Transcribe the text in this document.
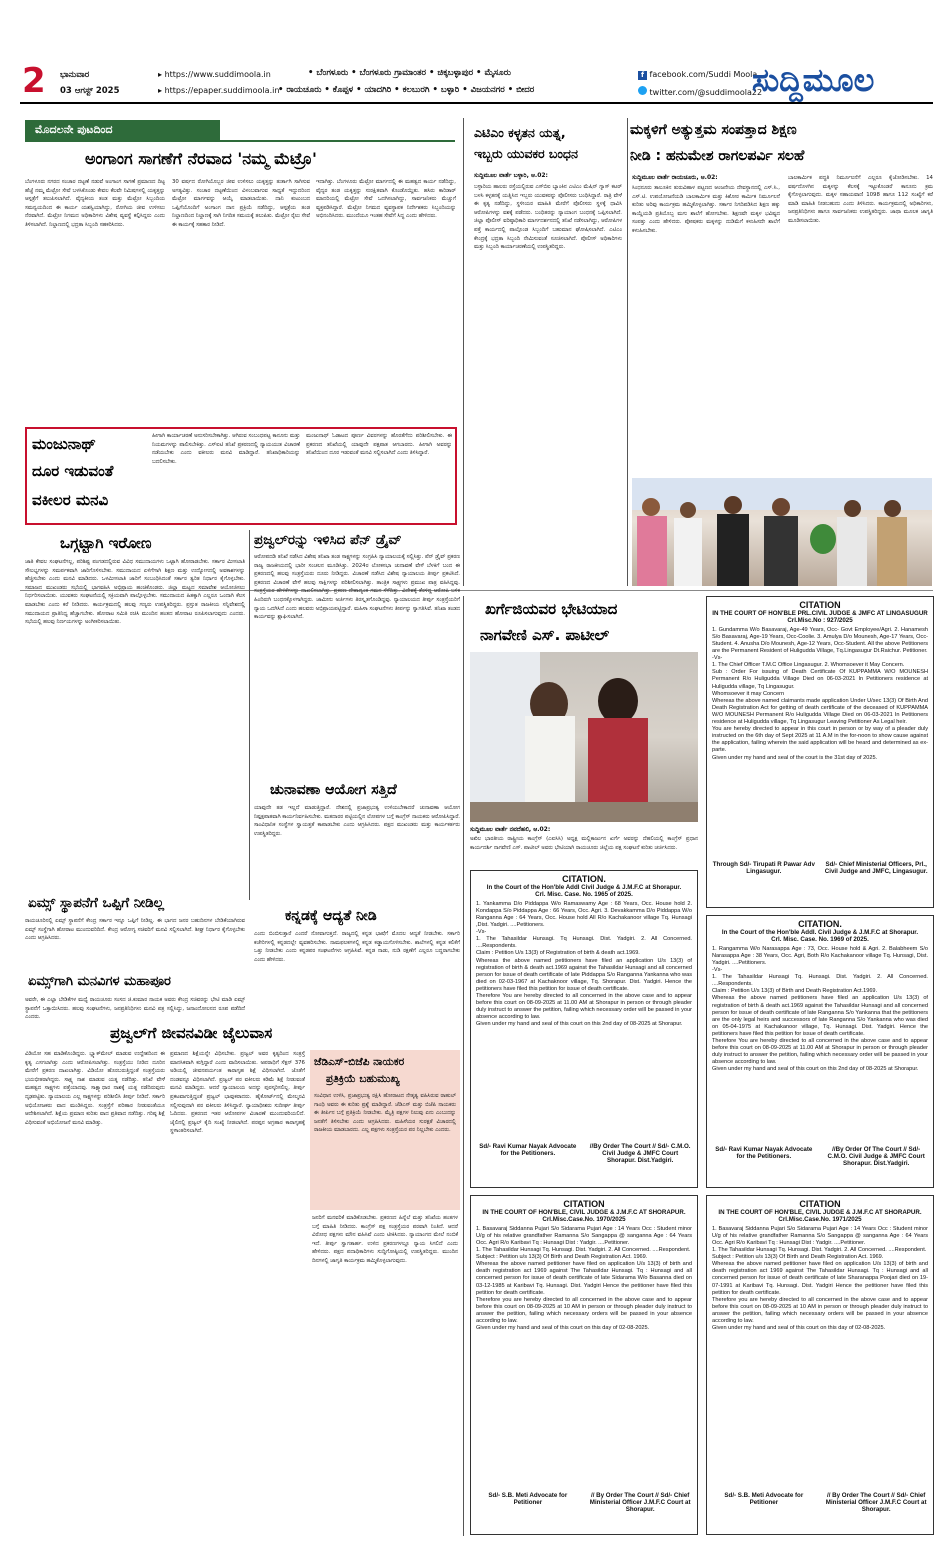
2 ಭಾನುವಾರ
03 ಆಗಸ್ಟ್ 2025
▸ https://www.suddimoola.in
▸ https://epaper.suddimoola.in
• ಬೆಂಗಳೂರು • ಬೆಂಗಳೂರು ಗ್ರಾಮಾಂತರ • ಚಿಕ್ಕಬಳ್ಳಾಪುರ • ಮೈಸೂರು
• ರಾಯಚೂರು • ಕೊಪ್ಪಳ • ಯಾದಗಿರಿ • ಕಲಬುರಗಿ • ಬಳ್ಳಾರಿ • ವಿಜಯನಗರ • ಬೀದರ
f facebook.com/Suddi Moola
twitter.com/@suddimoola22
ಸುದ್ದಿಮೂಲ
ಮೊದಲನೇ ಪುಟದಿಂದ
ಅಂಗಾಂಗ ಸಾಗಣೆಗೆ ನೆರವಾದ 'ನಮ್ಮ ಮೆಟ್ರೊ'
ಬೆಂಗಳೂರು ನಗರದ ಸಂಚಾರ ದಟ್ಟಣೆ ನಡುವೆ ಅಂಗಾಂಗ ಸಾಗಣೆ ಪ್ರಮಾಣದ ದಿಟ್ಟ ಹೆಜ್ಜೆ ನಮ್ಮ ಮೆಟ್ರೋ ಸೇವೆ ಬಳಸಿಕೊಂಡು ಕೇವಲ ಕೆಲವೇ ನಿಮಿಷಗಳಲ್ಲಿ ಯಕೃತ್ತನ್ನು ಆಸ್ಪತ್ರೆಗೆ ತಲುಪಿಸಲಾಗಿದೆ. ವೈದ್ಯಕೀಯ ತಂಡ ಮತ್ತು ಮೆಟ್ರೋ ಸಿಬ್ಬಂದಿಯ ಸಮನ್ವಯದಿಂದ ಈ ಕಾರ್ಯ ಯಶಸ್ವಿಯಾಗಿದ್ದು, ರೋಗಿಯ ಜೀವ ಉಳಿಸಲು ನೆರವಾಗಿದೆ. ಮೆಟ್ರೋ ನಿಗಮದ ಅಧಿಕಾರಿಗಳು ವಿಶೇಷ ವ್ಯವಸ್ಥೆ ಕಲ್ಪಿಸಿದ್ದರು ಎಂದು ತಿಳಿಸಲಾಗಿದೆ. ನಿಲ್ದಾಣದಲ್ಲಿ ಭದ್ರತಾ ಸಿಬ್ಬಂದಿ ಸಹಕರಿಸಿದರು.
30 ವರ್ಷದ ರೋಗಿಯೊಬ್ಬರ ಜೀವ ಉಳಿಸಲು ಯಕೃತ್ತನ್ನು ತುರ್ತಾಗಿ ಸಾಗಿಸುವ ಅಗತ್ಯವಿತ್ತು. ಸಂಚಾರ ದಟ್ಟಣೆಯಿಂದ ವಿಳಂಬವಾಗುವ ಸಾಧ್ಯತೆ ಇದ್ದುದರಿಂದ ಮೆಟ್ರೋ ಮಾರ್ಗವನ್ನು ಆಯ್ಕೆ ಮಾಡಲಾಯಿತು. ದಾನಿ ಕುಟುಂಬದ ಒಪ್ಪಿಗೆಯೊಂದಿಗೆ ಅಂಗಾಂಗ ದಾನ ಪ್ರಕ್ರಿಯೆ ನಡೆದಿದ್ದು, ಆಸ್ಪತ್ರೆಯ ತಂಡ ನಿಲ್ದಾಣದಿಂದ ನಿಲ್ದಾಣಕ್ಕೆ ಸಾಗಿ ನಿಗದಿತ ಸಮಯಕ್ಕೆ ತಲುಪಿತು. ಮೆಟ್ರೋ ರೈಲು ಸೇವೆ ಈ ಕಾರ್ಯಕ್ಕೆ ಸಹಕಾರ ನೀಡಿದೆ.
ಇದಾಗಿತ್ತು. ಬೆಂಗಳೂರು ಮೆಟ್ರೋ ಮಾರ್ಗದಲ್ಲಿ ಈ ಮಹತ್ವದ ಕಾರ್ಯ ನಡೆದಿದ್ದು, ವೈದ್ಯರ ತಂಡ ಯಕೃತ್ತನ್ನು ಸುರಕ್ಷಿತವಾಗಿ ಕೊಂಡೊಯ್ದಿತು. ಹಸಿರು ಕಾರಿಡಾರ್ ಮಾದರಿಯಲ್ಲಿ ಮೆಟ್ರೋ ಸೇವೆ ಒದಗಿಸಲಾಗಿದ್ದು, ಸಾರ್ವಜನಿಕರು ಮೆಚ್ಚುಗೆ ವ್ಯಕ್ತಪಡಿಸಿದ್ದಾರೆ. ಮೆಟ್ರೋ ನಿಗಮದ ವ್ಯವಸ್ಥಾಪಕ ನಿರ್ದೇಶಕರು ಸಿಬ್ಬಂದಿಯನ್ನು ಅಭಿನಂದಿಸಿದರು. ಮುಂದೆಯೂ ಇಂತಹ ಸೇವೆಗೆ ಸಿದ್ಧ ಎಂದು ಹೇಳಿದರು.
ಎಟಿಎಂ ಕಳ್ಳತನ ಯತ್ನ,
ಇಬ್ಬರು ಯುವಕರ ಬಂಧನ
ಸುದ್ದಿಮೂಲ ವಾರ್ತೆ ಬಳ್ಳಾರಿ, ಆ.02:
ಬಳ್ಳಾರಿಯ ಹಾಲರು ರಸ್ತೆಯಲ್ಲಿರುವ ಎಸ್‌ಬಿಐ ಬ್ಯಾಂಕಿನ ಎಟಿಎಂ ಮೆಷಿನ್ ಗ್ಯಾಸ್ ಕಟರ್ ಬಳಸಿ ಕಳ್ಳತನಕ್ಕೆ ಯತ್ನಿಸಿದ ಇಬ್ಬರು ಯುವಕರನ್ನು ಪೊಲೀಸರು ಬಂಧಿಸಿದ್ದಾರೆ. ರಾತ್ರಿ ವೇಳೆ ಈ ಕೃತ್ಯ ನಡೆದಿದ್ದು, ಸ್ಥಳೀಯರ ಮಾಹಿತಿ ಮೇರೆಗೆ ಪೊಲೀಸರು ಸ್ಥಳಕ್ಕೆ ಧಾವಿಸಿ ಆರೋಪಿಗಳನ್ನು ವಶಕ್ಕೆ ಪಡೆದರು. ಬಂಧಿತರನ್ನು ನ್ಯಾಯಾಂಗ ಬಂಧನಕ್ಕೆ ಒಪ್ಪಿಸಲಾಗಿದೆ. ಜಿಲ್ಲಾ ಪೊಲೀಸ್ ವರಿಷ್ಠಾಧಿಕಾರಿ ಮಾರ್ಗದರ್ಶನದಲ್ಲಿ ತನಿಖೆ ನಡೆಸಲಾಗಿದ್ದು, ಆರೋಪಿಗಳ ಪತ್ತೆ ಕಾರ್ಯದಲ್ಲಿ ಪಾಲ್ಗೊಂಡ ಸಿಬ್ಬಂದಿಗೆ ಬಹುಮಾನ ಘೋಷಿಸಲಾಗಿದೆ. ಎಟಿಎಂ ಕೇಂದ್ರಕ್ಕೆ ಭದ್ರತಾ ಸಿಬ್ಬಂದಿ ನೇಮಿಸುವಂತೆ ಸೂಚಿಸಲಾಗಿದೆ. ಪೊಲೀಸ್ ಅಧಿಕಾರಿಗಳು ಮತ್ತು ಸಿಬ್ಬಂದಿ ಕಾರ್ಯಾಚರಣೆಯಲ್ಲಿ ಉಪಸ್ಥಿತರಿದ್ದರು.
ಮಕ್ಕಳಿಗೆ ಅತ್ಯುತ್ತಮ ಸಂಪತ್ತಾದ ಶಿಕ್ಷಣ
ನೀಡಿ : ಹನುಮೇಶ ರಾಗಲಪರ್ವಿ ಸಲಹೆ
ಸುದ್ದಿಮೂಲ ವಾರ್ತೆ ರಾಯಚೂರು, ಆ.02:
ಸಿಂಧನೂರು ತಾಲೂಕಿನ ತುರುವಿಹಾಳ ಪಟ್ಟಣದ ಆಂಜನೇಯ ದೇವಸ್ಥಾನದಲ್ಲಿ ಎಸ್.ಸಿ., ಎಸ್.ಟಿ. ಉಪಯೋಜನೆಯಡಿ ಬಾಲಕಾರ್ಮಿಕ ಮತ್ತು ಕಿಶೋರ ಕಾರ್ಮಿಕ ನಿರ್ಮೂಲನೆ ಕುರಿತು ಅರಿವು ಕಾರ್ಯಕ್ರಮ ಹಮ್ಮಿಕೊಳ್ಳಲಾಗಿತ್ತು. ಸರ್ಕಾರ ನಿಗದಿಪಡಿಸಿದ ಶಿಕ್ಷಣ ಹಕ್ಕು ಕಾಯ್ದೆಯಡಿ ಪ್ರತಿಯೊಬ್ಬ ಮಗು ಶಾಲೆಗೆ ಹೋಗಬೇಕು. ಶಿಕ್ಷಣವೇ ಮಕ್ಕಳ ಭವಿಷ್ಯದ ಸಂಪತ್ತು ಎಂದು ಹೇಳಿದರು. ಪೋಷಕರು ಮಕ್ಕಳನ್ನು ದುಡಿಮೆಗೆ ಕಳುಹಿಸದೇ ಶಾಲೆಗೆ ಕಳುಹಿಸಬೇಕು.
ಬಾಲಕಾರ್ಮಿಕ ಪದ್ಧತಿ ನಿರ್ಮೂಲನೆಗೆ ಎಲ್ಲರೂ ಕೈಜೋಡಿಸಬೇಕು. 14 ವರ್ಷದೊಳಗಿನ ಮಕ್ಕಳನ್ನು ಕೆಲಸಕ್ಕೆ ಇಟ್ಟುಕೊಂಡರೆ ಕಾನೂನು ಕ್ರಮ ಕೈಗೊಳ್ಳಲಾಗುವುದು. ಮಕ್ಕಳ ಸಹಾಯವಾಣಿ 1098 ಹಾಗೂ 112 ಸಂಖ್ಯೆಗೆ ಕರೆ ಮಾಡಿ ಮಾಹಿತಿ ನೀಡಬಹುದು ಎಂದು ತಿಳಿಸಿದರು. ಕಾರ್ಯಕ್ರಮದಲ್ಲಿ ಅಧಿಕಾರಿಗಳು, ಜನಪ್ರತಿನಿಧಿಗಳು ಹಾಗೂ ಸಾರ್ವಜನಿಕರು ಉಪಸ್ಥಿತರಿದ್ದರು. ಜಾಥಾ ಮೂಲಕ ಜಾಗೃತಿ ಮೂಡಿಸಲಾಯಿತು.
ಮಂಜುನಾಥ್
ದೂರ ಇಡುವಂತೆ
ವಕೀಲರ ಮನವಿ
ಹೀಗಾಗಿ ಕಾರ್ಯಾಚರಣೆ ಅನುಸರಿಸಬೇಕಾಗಿತ್ತು. ಆಗಿರುವ ಸಂಬಂಧಪಟ್ಟ ಕಾನೂನು ಮತ್ತು ನಿಯಮಗಳನ್ನು ಪಾಲಿಸಬೇಕಿತ್ತು. ಎಸ್‌ಐಟಿ ತನಿಖೆ ಪ್ರಕರಣದಲ್ಲಿ ನ್ಯಾಯಯುತ ವಿಚಾರಣೆ ನಡೆಯಬೇಕು ಎಂದು ವಕೀಲರು ಮನವಿ ಮಾಡಿದ್ದಾರೆ. ತನಿಖಾಧಿಕಾರಿಯನ್ನು ಬದಲಿಸಬೇಕು.
ಮಂಜುನಾಥ್ ಓಡಾಟದ ಪೂರ್ಣ ವಿವರಗಳನ್ನು ಹೊರತೆಗೆದು ಪರಿಶೀಲಿಸಬೇಕು. ಈ ಪ್ರಕರಣದ ತನಿಖೆಯಲ್ಲಿ ಯಾವುದೇ ಪಕ್ಷಪಾತ ಆಗಬಾರದು. ಹೀಗಾಗಿ ಅವರನ್ನು ತನಿಖೆಯಿಂದ ದೂರ ಇಡುವಂತೆ ಮನವಿ ಸಲ್ಲಿಸಲಾಗಿದೆ ಎಂದು ತಿಳಿಸಿದ್ದಾರೆ.
ಒಗ್ಗಟ್ಟಾಗಿ ಇರೋಣ
ಜಾತಿ ಕೇವಲ ಸಂಘಟನೆಗಲ್ಲ, ಪರಿಶಿಷ್ಟ ಪಂಗಡದಲ್ಲಿರುವ ವಿವಿಧ ಸಮುದಾಯಗಳು ಒಟ್ಟಾಗಿ ಹೋರಾಡಬೇಕು. ಸರ್ಕಾರ ಮೀಸಲಾತಿ ಸೌಲಭ್ಯಗಳನ್ನು ಸಮರ್ಪಕವಾಗಿ ಜಾರಿಗೊಳಿಸಬೇಕು. ಸಮುದಾಯದ ಏಳಿಗೆಗಾಗಿ ಶಿಕ್ಷಣ ಮತ್ತು ಉದ್ಯೋಗದಲ್ಲಿ ಅವಕಾಶಗಳನ್ನು ಹೆಚ್ಚಿಸಬೇಕು ಎಂದು ಮನವಿ ಮಾಡಿದರು. ಒಳಮೀಸಲಾತಿ ಜಾರಿಗೆ ಸಂಬಂಧಿಸಿದಂತೆ ಸರ್ಕಾರ ತ್ವರಿತ ನಿರ್ಧಾರ ಕೈಗೊಳ್ಳಬೇಕು. ಸಮಾಜದ ಮುಖಂಡರು ಸಭೆಯಲ್ಲಿ ಭಾಗವಹಿಸಿ ಅಭಿಪ್ರಾಯ ಹಂಚಿಕೊಂಡರು. ಜಿಲ್ಲಾ ಮಟ್ಟದ ಸಮಾವೇಶ ಆಯೋಜಿಸಲು ನಿರ್ಧರಿಸಲಾಯಿತು. ಯುವಕರು ಸಂಘಟನೆಯಲ್ಲಿ ಸಕ್ರಿಯವಾಗಿ ಪಾಲ್ಗೊಳ್ಳಬೇಕು. ಸಮುದಾಯದ ಹಿತಕ್ಕಾಗಿ ಎಲ್ಲರೂ ಒಂದಾಗಿ ಕೆಲಸ ಮಾಡಬೇಕು ಎಂದು ಕರೆ ನೀಡಿದರು. ಕಾರ್ಯಕ್ರಮದಲ್ಲಿ ಹಲವು ಗಣ್ಯರು ಉಪಸ್ಥಿತರಿದ್ದರು. ಪ್ರಸ್ತುತ ರಾಜಕೀಯ ಸನ್ನಿವೇಶದಲ್ಲಿ ಸಮುದಾಯದ ಪ್ರಾತಿನಿಧ್ಯ ಹೆಚ್ಚಾಗಬೇಕು. ಹೋರಾಟ ಸಮಿತಿ ರಚಿಸಿ ಮುಂದಿನ ಹಂತದ ಹೋರಾಟ ರೂಪಿಸಲಾಗುವುದು ಎಂದರು. ಸಭೆಯಲ್ಲಿ ಹಲವು ನಿರ್ಣಯಗಳನ್ನು ಅಂಗೀಕರಿಸಲಾಯಿತು.
ಪ್ರಜ್ವಲ್‌ರನ್ನು ಇಳಿಸಿದ ಪೆನ್ ಡ್ರೈವ್
ಆರೋಪದಡಿ ತನಿಖೆ ನಡೆಸಿದ ವಿಶೇಷ ತನಿಖಾ ತಂಡ ಸಾಕ್ಷ್ಯಗಳನ್ನು ಸಂಗ್ರಹಿಸಿ ನ್ಯಾಯಾಲಯಕ್ಕೆ ಸಲ್ಲಿಸಿತ್ತು. ಪೆನ್ ಡ್ರೈವ್ ಪ್ರಕರಣ ರಾಜ್ಯ ರಾಜಕೀಯದಲ್ಲಿ ಭಾರೀ ಸಂಚಲನ ಮೂಡಿಸಿತ್ತು. 2024ರ ಲೋಕಸಭಾ ಚುನಾವಣೆ ವೇಳೆ ಬೆಳಕಿಗೆ ಬಂದ ಈ ಪ್ರಕರಣದಲ್ಲಿ ಹಲವು ಸಂತ್ರಸ್ತೆಯರು ದೂರು ನೀಡಿದ್ದರು. ವಿಚಾರಣೆ ನಡೆಸಿದ ವಿಶೇಷ ನ್ಯಾಯಾಲಯ ತೀರ್ಪು ಪ್ರಕಟಿಸಿದೆ. ಪ್ರಕರಣದ ವಿಚಾರಣೆ ವೇಳೆ ಹಲವು ಸಾಕ್ಷಿಗಳನ್ನು ಪರಿಶೀಲಿಸಲಾಗಿತ್ತು. ತಾಂತ್ರಿಕ ಸಾಕ್ಷ್ಯಗಳು ಪ್ರಮುಖ ಪಾತ್ರ ವಹಿಸಿದ್ದವು. ಸಂತ್ರಸ್ತೆಯರ ಹೇಳಿಕೆಗಳನ್ನು ದಾಖಲಿಸಲಾಗಿತ್ತು. ಪ್ರಕರಣ ದೇಶಾದ್ಯಂತ ಗಮನ ಸೆಳೆದಿತ್ತು. ವಿದೇಶಕ್ಕೆ ತೆರಳಿದ್ದ ಆರೋಪಿ ಬಳಿಕ ಹಿಂದಿರುಗಿ ಬಂಧನಕ್ಕೊಳಗಾಗಿದ್ದರು. ಜಾಮೀನು ಅರ್ಜಿಗಳು ತಿರಸ್ಕೃತಗೊಂಡಿದ್ದವು. ನ್ಯಾಯಾಲಯದ ತೀರ್ಪು ಸಂತ್ರಸ್ತೆಯರಿಗೆ ನ್ಯಾಯ ಒದಗಿಸಿದೆ ಎಂದು ಹಲವರು ಅಭಿಪ್ರಾಯಪಟ್ಟಿದ್ದಾರೆ. ಮಹಿಳಾ ಸಂಘಟನೆಗಳು ತೀರ್ಪನ್ನು ಸ್ವಾಗತಿಸಿವೆ. ತನಿಖಾ ತಂಡದ ಕಾರ್ಯವನ್ನು ಶ್ಲಾಘಿಸಲಾಗಿದೆ.
ಚುನಾವಣಾ ಆಯೋಗ ಸತ್ತಿದೆ
ಯಾವುದೇ ತಡ ಇಲ್ಲದೆ ಮಾಡುತ್ತಿದ್ದಾರೆ. ದೇಶದಲ್ಲಿ ಪ್ರಜಾಪ್ರಭುತ್ವ ಉಳಿಯಬೇಕಾದರೆ ಚುನಾವಣಾ ಆಯೋಗ ನಿಷ್ಪಕ್ಷಪಾತವಾಗಿ ಕಾರ್ಯನಿರ್ವಹಿಸಬೇಕು. ಮತದಾರರ ಪಟ್ಟಿಯಲ್ಲಿನ ಲೋಪಗಳ ಬಗ್ಗೆ ಕಾಂಗ್ರೆಸ್ ನಾಯಕರು ಆರೋಪಿಸಿದ್ದಾರೆ. ಸಾಂವಿಧಾನಿಕ ಸಂಸ್ಥೆಗಳ ಸ್ವಾಯತ್ತತೆ ಕಾಪಾಡಬೇಕು ಎಂದು ಆಗ್ರಹಿಸಿದರು. ಪಕ್ಷದ ಮುಖಂಡರು ಮತ್ತು ಕಾರ್ಯಕರ್ತರು ಉಪಸ್ಥಿತರಿದ್ದರು.
ಕನ್ನಡಕ್ಕೆ ಆದ್ಯತೆ ನೀಡಿ
ಎಂದು ಬಿಂಬಿಸುತ್ತಾರೆ ಎಂದರೆ ನೋವಾಗುತ್ತದೆ. ರಾಜ್ಯದಲ್ಲಿ ಕನ್ನಡ ಭಾಷೆಗೆ ಮೊದಲ ಆದ್ಯತೆ ನೀಡಬೇಕು. ಸರ್ಕಾರಿ ಕಚೇರಿಗಳಲ್ಲಿ ಕನ್ನಡದಲ್ಲೇ ವ್ಯವಹರಿಸಬೇಕು. ನಾಮಫಲಕಗಳಲ್ಲಿ ಕನ್ನಡ ಕಡ್ಡಾಯಗೊಳಿಸಬೇಕು. ಶಾಲೆಗಳಲ್ಲಿ ಕನ್ನಡ ಕಲಿಕೆಗೆ ಒತ್ತು ನೀಡಬೇಕು ಎಂದು ಕನ್ನಡಪರ ಸಂಘಟನೆಗಳು ಆಗ್ರಹಿಸಿವೆ. ಕನ್ನಡ ನಾಡು, ನುಡಿ ರಕ್ಷಣೆಗೆ ಎಲ್ಲರೂ ಬದ್ಧರಾಗಬೇಕು ಎಂದು ಹೇಳಿದರು.
ಏಮ್ಸ್ ಸ್ಥಾಪನೆಗೆ ಒಪ್ಪಿಗೆ ನೀಡಿಲ್ಲ
ರಾಯಚೂರಿನಲ್ಲಿ ಏಮ್ಸ್ ಸ್ಥಾಪನೆಗೆ ಕೇಂದ್ರ ಸರ್ಕಾರ ಇನ್ನೂ ಒಪ್ಪಿಗೆ ನೀಡಿಲ್ಲ. ಈ ಭಾಗದ ಜನರ ಬಹುದಿನಗಳ ಬೇಡಿಕೆಯಾಗಿರುವ ಏಮ್ಸ್ ಸಂಸ್ಥೆಗಾಗಿ ಹೋರಾಟ ಮುಂದುವರಿದಿದೆ. ಕೇಂದ್ರ ಆರೋಗ್ಯ ಸಚಿವರಿಗೆ ಮನವಿ ಸಲ್ಲಿಸಲಾಗಿದೆ. ಶೀಘ್ರ ನಿರ್ಧಾರ ಕೈಗೊಳ್ಳಬೇಕು ಎಂದು ಆಗ್ರಹಿಸಿದರು.
ಏಮ್ಸ್‌ಗಾಗಿ ಮನವಿಗಳ ಮಹಾಪೂರ
ಅವರೇ, ಈ ಎಲ್ಲಾ ಬೇಡಿಕೆಗಳ ಮಧ್ಯೆ ರಾಯಚೂರು ಸಂಸದ ಜಿ.ಕುಮಾರ ನಾಯಕ ಅವರು ಕೇಂದ್ರ ಸಚಿವರನ್ನು ಭೇಟಿ ಮಾಡಿ ಏಮ್ಸ್ ಸ್ಥಾಪನೆಗೆ ಒತ್ತಾಯಿಸಿದರು. ಹಲವು ಸಂಘಟನೆಗಳು, ಜನಪ್ರತಿನಿಧಿಗಳು ಮನವಿ ಪತ್ರ ಸಲ್ಲಿಸಿದ್ದು, ಜನಾಂದೋಲನದ ರೂಪ ಪಡೆದಿದೆ ಎಂದರು.
ಪ್ರಜ್ವಲ್‌ಗೆ ಜೀವನವಿಡೀ ಜೈಲುವಾಸ
ವಿಡಿಯೋ ಸಹ ಮಾಡಿಕೊಂಡಿದ್ದರು. ಬ್ಲ್ಯಾಕ್‌ಮೇಲ್ ಮಾಡುವ ಉದ್ದೇಶದಿಂದ ಈ ಕೃತ್ಯ ಎಸಗಲಾಗಿತ್ತು ಎಂದು ಆರೋಪಿಸಲಾಗಿತ್ತು. ಸಂತ್ರಸ್ತೆಯು ನೀಡಿದ ದೂರಿನ ಮೇರೆಗೆ ಪ್ರಕರಣ ದಾಖಲಾಗಿತ್ತು. ವಿಡಿಯೋ ಹೊರಬರುತ್ತಿದ್ದಂತೆ ಸಂತ್ರಸ್ತೆಯರು ಭಯಭೀತರಾಗಿದ್ದರು. ಸಾಕ್ಷ್ಯ ನಾಶ ಮಾಡುವ ಯತ್ನ ನಡೆದಿತ್ತು. ತನಿಖೆ ವೇಳೆ ಮಹತ್ವದ ಸಾಕ್ಷ್ಯಗಳು ಪತ್ತೆಯಾದವು. ಸಾಕ್ಷ್ಯಾಧಾರ ನಾಶಕ್ಕೆ ಯತ್ನ ನಡೆದಿರುವುದು ದೃಢಪಟ್ಟಿತು. ನ್ಯಾಯಾಲಯ ಎಲ್ಲ ಸಾಕ್ಷ್ಯಗಳನ್ನು ಪರಿಶೀಲಿಸಿ ತೀರ್ಪು ನೀಡಿದೆ. ಸರ್ಕಾರಿ ಅಭಿಯೋಜಕರು ವಾದ ಮಂಡಿಸಿದ್ದರು. ಸಂತ್ರಸ್ತೆಗೆ ಪರಿಹಾರ ನೀಡುವಂತೆಯೂ ಆದೇಶಿಸಲಾಗಿದೆ. ಶಿಕ್ಷೆಯ ಪ್ರಮಾಣ ಕುರಿತು ವಾದ ಪ್ರತಿವಾದ ನಡೆದಿತ್ತು. ಗರಿಷ್ಠ ಶಿಕ್ಷೆ ವಿಧಿಸುವಂತೆ ಅಭಿಯೋಜನೆ ಮನವಿ ಮಾಡಿತ್ತು.
ಪ್ರಮಾಣದ ಶಿಕ್ಷೆಯನ್ನೇ ವಿಧಿಸಬೇಕು. ಪ್ರಜ್ವಲ್ ಅವರ ಕೃತ್ಯದಿಂದ ಸಂತ್ರಸ್ತೆ ಮಾನಸಿಕವಾಗಿ ಕುಗ್ಗಿದ್ದಾರೆ ಎಂದು ವಾದಿಸಲಾಯಿತು. ಅಪರಾಧಿಗೆ ಸೆಕ್ಷನ್ 376 ಅಡಿಯಲ್ಲಿ ಜೀವನಪರ್ಯಂತ ಕಾರಾಗೃಹ ಶಿಕ್ಷೆ ವಿಧಿಸಲಾಗಿದೆ. ಜೊತೆಗೆ ದಂಡವನ್ನೂ ವಿಧಿಸಲಾಗಿದೆ. ಪ್ರಜ್ವಲ್ ಪರ ವಕೀಲರು ಕಡಿಮೆ ಶಿಕ್ಷೆ ನೀಡುವಂತೆ ಮನವಿ ಮಾಡಿದ್ದರು. ಆದರೆ ನ್ಯಾಯಾಲಯ ಅದನ್ನು ಪುರಸ್ಕರಿಸಲಿಲ್ಲ. ತೀರ್ಪು ಪ್ರಕಟವಾಗುತ್ತಿದ್ದಂತೆ ಪ್ರಜ್ವಲ್ ಭಾವುಕರಾದರು. ಹೈಕೋರ್ಟ್‌ನಲ್ಲಿ ಮೇಲ್ಮನವಿ ಸಲ್ಲಿಸುವುದಾಗಿ ಪರ ವಕೀಲರು ತಿಳಿಸಿದ್ದಾರೆ. ನ್ಯಾಯಾಧೀಶರು ಸುದೀರ್ಘ ತೀರ್ಪು ಓದಿದರು. ಪ್ರಕರಣದ ಇತರ ಆರೋಪಗಳ ವಿಚಾರಣೆ ಮುಂದುವರಿಯಲಿದೆ. ಜೈಲಿನಲ್ಲಿ ಪ್ರಜ್ವಲ್ ಕೈದಿ ಸಂಖ್ಯೆ ನೀಡಲಾಗಿದೆ. ಪರಪ್ಪನ ಅಗ್ರಹಾರ ಕಾರಾಗೃಹಕ್ಕೆ ಸ್ಥಳಾಂತರಿಸಲಾಗಿದೆ.
ಜೆಡಿಎಸ್-ಬಿಜೆಪಿ ನಾಯಕರ
ಪ್ರತಿಕ್ರಿಯೆ ಬಹುಮುಖ್ಯ
ಸಂವಿಧಾನ ಉಳಿಸಿ, ಪ್ರಜಾಪ್ರಭುತ್ವ ರಕ್ಷಿಸಿ ಹೋರಾಟದ ನೇತೃತ್ವ ವಹಿಸಿರುವ ರಾಹುಲ್ ಗಾಂಧಿ ಅವರು ಈ ಕುರಿತು ಪ್ರಶ್ನೆ ಮಾಡಿದ್ದಾರೆ. ಜೆಡಿಎಸ್ ಮತ್ತು ಬಿಜೆಪಿ ನಾಯಕರು ಈ ತೀರ್ಪಿನ ಬಗ್ಗೆ ಪ್ರತಿಕ್ರಿಯೆ ನೀಡಬೇಕು. ಮೈತ್ರಿ ಪಕ್ಷಗಳ ನಿಲುವು ಏನು ಎಂಬುದನ್ನು ಜನತೆಗೆ ತಿಳಿಸಬೇಕು ಎಂದು ಆಗ್ರಹಿಸಿದರು. ಮಹಿಳೆಯರ ಸುರಕ್ಷತೆ ವಿಚಾರದಲ್ಲಿ ರಾಜಕೀಯ ಮಾಡಬಾರದು. ಎಲ್ಲ ಪಕ್ಷಗಳು ಸಂತ್ರಸ್ತೆಯರ ಪರ ನಿಲ್ಲಬೇಕು ಎಂದರು.
ಜನರಿಗೆ ಮನವರಿಕೆ ಮಾಡಿಕೊಡಬೇಕು. ಪ್ರಕರಣದ ಹಿನ್ನೆಲೆ ಮತ್ತು ತನಿಖೆಯ ಹಂತಗಳ ಬಗ್ಗೆ ಮಾಹಿತಿ ನೀಡಿದರು. ಕಾಂಗ್ರೆಸ್ ಪಕ್ಷ ಸಂತ್ರಸ್ತೆಯರ ಪರವಾಗಿ ನಿಂತಿದೆ. ಆದರೆ ವಿರೋಧ ಪಕ್ಷಗಳು ಮೌನ ವಹಿಸಿವೆ ಎಂದು ಟೀಕಿಸಿದರು. ನ್ಯಾಯಾಂಗದ ಮೇಲೆ ನಂಬಿಕೆ ಇದೆ. ತೀರ್ಪು ಸ್ವಾಗತಾರ್ಹ. ಉಳಿದ ಪ್ರಕರಣಗಳಲ್ಲೂ ನ್ಯಾಯ ಸಿಗಲಿದೆ ಎಂದು ಹೇಳಿದರು. ಪಕ್ಷದ ಪದಾಧಿಕಾರಿಗಳು ಸುದ್ದಿಗೋಷ್ಠಿಯಲ್ಲಿ ಉಪಸ್ಥಿತರಿದ್ದರು. ಮುಂದಿನ ದಿನಗಳಲ್ಲಿ ಜಾಗೃತಿ ಕಾರ್ಯಕ್ರಮ ಹಮ್ಮಿಕೊಳ್ಳಲಾಗುವುದು.
ಖರ್ಗೆಜಿಯವರ ಭೇಟಿಯಾದ
ನಾಗವೇಣಿ ಎಸ್. ಪಾಟೀಲ್
ಸುದ್ದಿಮೂಲ ವಾರ್ತೆ ನವದೆಹಲಿ, ಆ.02:
ಅಖಿಲ ಭಾರತೀಯ ರಾಷ್ಟ್ರೀಯ ಕಾಂಗ್ರೆಸ್ (ಎಐಸಿಸಿ) ಅಧ್ಯಕ್ಷ ಮಲ್ಲಿಕಾರ್ಜುನ ಖರ್ಗೆ ಅವರನ್ನು ದೆಹಲಿಯಲ್ಲಿ ಕಾಂಗ್ರೆಸ್ ಪ್ರಧಾನ ಕಾರ್ಯದರ್ಶಿ ನಾಗವೇಣಿ ಎಸ್. ಪಾಟೀಲ್ ಅವರು ಭೇಟಿಯಾಗಿ ರಾಯಚೂರು ಜಿಲ್ಲೆಯ ಪಕ್ಷ ಸಂಘಟನೆ ಕುರಿತು ಚರ್ಚಿಸಿದರು.
CITATION
IN THE COURT OF HON'BLE PRL.CIVIL JUDGE & JMFC AT LINGASUGUR
Crl.Misc.No : 927/2025
1. Gundamma W/o Basavaraj, Age-49 Years, Occ- Govt Employee/Agri. 2. Hanamesh S/o Basavaraj, Age-19 Years, Occ-Coolie. 3. Amulya D/o Mounesh, Age-17 Years, Occ-Student. 4. Anusha D/o Mounesh, Age-12 Years, Occ-Student. All the above Petitioners are the Permanent Resident of Huligudda Village, Tq.Lingasugur Dt.Raichur. Petitioner.
-Vs-
1. The Chief Officer T.M.C Office Lingasugur. 2. Whomsoever it May Concern.
Sub : Order For issuing of Death Certificate Of KUPPAMMA W/O MOUNESH Permanent R/o Huligudda Village Died on 06-03-2021 In Petitioners residence at Huligudda village, Tq Lingasugur.
Whomsoever it may Concern
Whereas the above named claimants made application Under U/sec 13(3) Of Birth And Death Registration Act for getting of death certificate of the deceased of KUPPAMMA W/O MOUNESH Permanent R/o Huligudda Village Died on 06-03-2021 In Petitioners residence at Huligudda village, Tq Lingasugur Leaving Petitioner As Legal heir.
You are hereby directed to appear in this court in person or by way of a pleader duly instructed on the 6th day of Sept 2025 at 11 A.M in the for-noon to show cause against the application, failing wherein the said application will be heard and determined as ex-parte.
Given under my hand and seal of the court is the 31st day of 2025.
Through Sd/- Tirupati R Pawar Adv Lingasugur.
Sd/- Chief Ministerial Officers, Prl., Civil Judge and JMFC, Lingasugur.
CITATION.
In the Court of the Hon'ble Addl Civil Judge & J.M.F.C at Shorapur.
Crl. Misc. Case. No. 1965 of 2025.
1. Yankamma D/o Piddappa W/o Ramaswamy Age : 68 Years, Occ. House hold 2. Kondappa S/o Piddappa Age : 66 Years, Occ. Agri. 3. Devakkamma D/o Piddappa W/o Ranganna Age : 64 Years, Occ. House hold All R/o Kachakanoor village Tq. Hunsagi ,Dist. Yadgiri. ....Petitioners.
-Vs-
1. The Tahasildar Hunsagi. Tq Hunsagi. Dist. Yadgiri. 2. All Concerned. ....Respondents.
Claim : Petition U/s 13(3) of Registration of birth & death act.1969.
Whereas the above named petitioners have filed an application U/s 13(3) of registration of birth & death act.1969 against the Tahasildar Hunsagi and all concerned person for issue of death certificate of late Piddappa S/o Ranganna Yankanna who was died on 02-03-1967 at Kachaknoor village, Tq. Shorapur. Dist. Yadgiri. Hence the petitioners have filed this petition for issue of death certificate.
Therefore You are hereby directed to all concerned in the above case and to appear before this court on 08-09-2025 at 11.00 AM at Shorapur in person or through pleader duly instruct to answer the petition, failing which necessary order will be passed in your absence according to law.
Given under my hand and seal of this court on this 2nd day of 08-2025 at Shorapur.
Sd/- Ravi Kumar Nayak Advocate for the Petitioners.
//By Order The Court // Sd/- C.M.O. Civil Judge & JMFC Court Shorapur. Dist.Yadgiri.
CITATION.
In the Court of the Hon'ble Addl. Civil Judge & J.M.F.C at Shorapur.
Crl. Misc. Case. No. 1969 of 2025.
1. Rangamma W/o Narasappa Age : 73, Occ. House hold & Agri. 2. Balabheem S/o Narasappa Age : 38 Years, Occ. Agri, Both R/o Kachakanoor village Tq. Hunsagi, Dist. Yadgiri. ....Petitioners.
-Vs-
1. The Tahasildar Hunsagi Tq. Hunsagi. Dist. Yadgiri. 2. All Concerned. ....Respondents.
Claim : Petition U/s 13(3) of Birth and Death Registration Act.1969.
Whereas the above named petitioners have filed an application U/s 13(3) of registration of birth & death act.1969 against the Tahasildar Hunsagi and all concerned person for issue of death certificate of late Ranganna S/o Yankanna that the petitioners are the only legal heirs and successors of late Ranganna S/o Yankanna who was died on 05-04-1975 at Kachakanoor village, Tq. Hunsagi. Dist. Yadgiri. Hence the petitioners have filed this petition for issue of death certificate.
Therefore You are hereby directed to all concerned in the above case and to appear before this court on 08-09-2025 at 11.00 AM at Shorapur in person or through pleader duly instruct to answer the petition, failing which necessary order will be passed in your absence according to law.
Given under my hand and seal of this court on this 2nd day of 08-2025 at Shorapur.
Sd/- Ravi Kumar Nayak Advocate for the Petitioners.
//By Order Of The Court // Sd/- C.M.O. Civil Judge & JMFC Court Shorapur. Dist.Yadgiri.
CITATION
IN THE COURT OF HON'BLE, CIVIL JUDGE & J.M.F.C AT SHORAPUR.
Crl.Misc.Case.No. 1970/2025
1. Basavaraj Siddanna Pujari S/o Sidarama Pujari Age : 14 Years Occ : Student minor U/g of his relative grandfather Ramanna S/o Sangappa @ sanganna Age : 64 Years Occ. Agri R/o Karibavi Tq : Hunsagi Dist : Yadgir. ....Petitioner.
1. The Tahasildar Hunsagi Tq. Hunsagi. Dist. Yadgiri. 2. All Concerned. ....Respondent.
Subject : Petition u/s 13(3) Of Birth and Death Registration Act. 1969.
Whereas the above named petitioner have filed on application U/s 13(3) of birth and death registration act 1969 against The Tahasildar Hunsagi. Tq : Hunsagi and all concerned person for issue of death certificate of late Sidarama W/o Basanna died on 03-12-1985 at Karibavi Tq. Hunsagi. Dist. Yadgiri Hence the petitioner have filed this petition for death certificate.
Therefore you are hereby directed to all concerned in the above case and to appear before this court on 08-09-2025 at 10 AM in person or through pleader duly instruct to answer the petition, failing which necessary orders will be passed in your absence according to law.
Given under my hand and seal of this court on this day of 02-08-2025.
Sd/- S.B. Meti Advocate for Petitioner
// By Order The Court // Sd/- Chief Ministerial Officer J.M.F.C Court at Shorapur.
CITATION
IN THE COURT OF HON'BLE, CIVIL JUDGE & J.M.F.C AT SHORAPUR.
Crl.Misc.Case.No. 1971/2025
1. Basavaraj Siddanna Pujari S/o Sidarama Pujari Age : 14 Years Occ : Student minor U/g of his relative grandfather Ramanna S/o Sangappa @ sanganna Age : 64 Years Occ. Agri R/o Karibavi Tq : Hunsagi Dist : Yadgir. ....Petitioner.
1. The Tahasildar Hunsagi Tq. Hunsagi. Dist. Yadgiri. 2. All Concerned. ....Respondent.
Subject : Petition u/s 13(3) Of Birth and Death Registration Act. 1969.
Whereas the above named petitioner have filed on application U/s 13(3) of birth and death registration act 1969 against The Tahasildar Hunsagi. Tq : Hunsagi and all concerned person for issue of death certificate of late Sharanappa Poojari died on 19-07-1991 at Karibavi Tq. Hunsagi. Dist. Yadgiri Hence the petitioner have filed this petition for death certificate.
Therefore you are hereby directed to all concerned in the above case and to appear before this court on 08-09-2025 at 10 AM in person or through pleader duly instruct to answer the petition, failing which necessary orders will be passed in your absence according to law.
Given under my hand and seal of this court on this day of 02-08-2025.
Sd/- S.B. Meti Advocate for Petitioner
// By Order The Court // Sd/- Chief Ministerial Officer J.M.F.C Court at Shorapur.
